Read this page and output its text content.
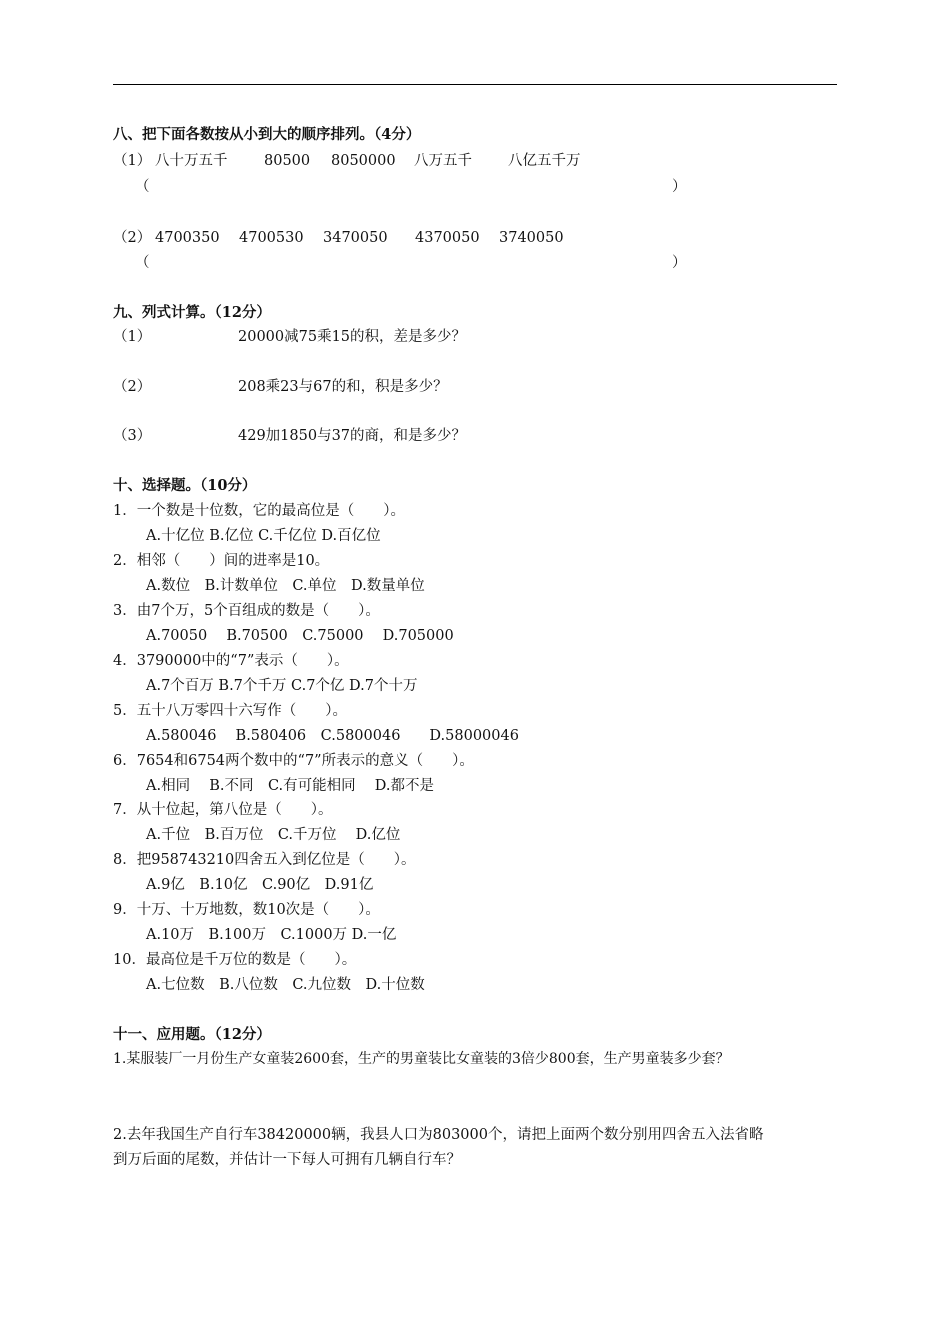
八、把下面各数按从小到大的顺序排列。（4分）
（1） 八十万五千	80500 8050000 八万五千 八亿五千万
（	）
（2） 4700350 4700530 3470050 4370050 3740050
（	）
九、列式计算。（12分）
（1）	20000减75乘15的积，差是多少？
（2）	208乘23与67的和，积是多少？
（3）	429加1850与37的商，和是多少？
十、选择题。（10分）
1．一个数是十位数，它的最高位是（　　）。
A.十亿位 B.亿位 C.千亿位 D.百亿位
2．相邻（　　）间的进率是10。
A.数位　B.计数单位　C.单位　D.数量单位
3．由7个万，5个百组成的数是（　　）。
A.70050　 B.70500　C.75000　 D.705000
4．3790000中的“7”表示（　　）。
A.7个百万 B.7个千万 C.7个亿 D.7个十万
5．五十八万零四十六写作（　　）。
A.580046　 B.580406　C.5800046　　D.58000046
6．7654和6754两个数中的“7”所表示的意义（　　）。
A.相同　 B.不同　C.有可能相同　 D.都不是
7．从十位起，第八位是（　　）。
A.千位　B.百万位　C.千万位　 D.亿位
8．把958743210四舍五入到亿位是（　　）。
A.9亿　B.10亿　C.90亿　D.91亿
9．十万、十万地数，数10次是（　　）。
A.10万　B.100万　C.1000万 D.一亿
10．最高位是千万位的数是（　　）。
A.七位数　B.八位数　C.九位数　D.十位数
十一、应用题。（12分）
1.某服装厂一月份生产女童装2600套，生产的男童装比女童装的3倍少800套，生产男童装多少套？
2.去年我国生产自行车38420000辆，我县人口为803000个，请把上面两个数分别用四舍五入法省略
到万后面的尾数，并估计一下每人可拥有几辆自行车？
